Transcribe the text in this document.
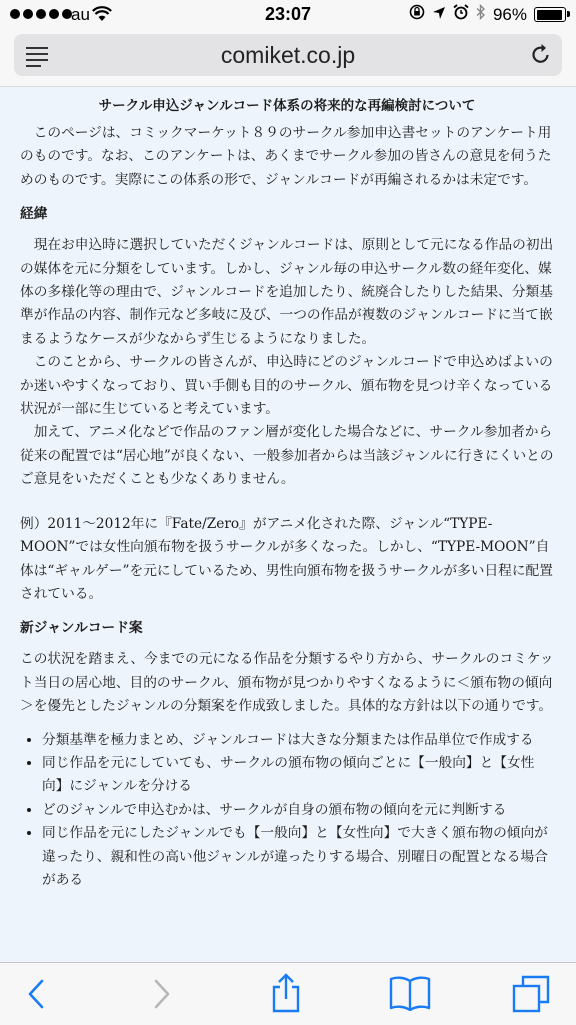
au	23:07	96%
comiket.co.jp
サークル申込ジャンルコード体系の将来的な再編検討について

このページは、コミックマーケット８９のサークル参加申込書セットのアンケート用のものです。なお、このアンケートは、あくまでサークル参加の皆さんの意見を伺うためのものです。実際にこの体系の形で、ジャンルコードが再編されるかは未定です。

経緯

現在お申込時に選択していただくジャンルコードは、原則として元になる作品の初出の媒体を元に分類をしています。しかし、ジャンル毎の申込サークル数の経年変化、媒体の多様化等の理由で、ジャンルコードを追加したり、統廃合したりした結果、分類基準が作品の内容、制作元など多岐に及び、一つの作品が複数のジャンルコードに当て嵌まるようなケースが少なからず生じるようになりました。

このことから、サークルの皆さんが、申込時にどのジャンルコードで申込めばよいのか迷いやすくなっており、買い手側も目的のサークル、頒布物を見つけ辛くなっている状況が一部に生じていると考えています。

加えて、アニメ化などで作品のファン層が変化した場合などに、サークル参加者から従来の配置では“居心地”が良くない、一般参加者からは当該ジャンルに行きにくいとのご意見をいただくことも少なくありません。

例）2011〜2012年に『Fate/Zero』がアニメ化された際、ジャンル“TYPE-MOON”では女性向頒布物を扱うサークルが多くなった。しかし、“TYPE-MOON”自体は“ギャルゲー”を元にしているため、男性向頒布物を扱うサークルが多い日程に配置されている。

新ジャンルコード案

この状況を踏まえ、今までの元になる作品を分類するやり方から、サークルのコミケット当日の居心地、目的のサークル、頒布物が見つかりやすくなるように＜頒布物の傾向＞を優先としたジャンルの分類案を作成致しました。具体的な方針は以下の通りです。

• 分類基準を極力まとめ、ジャンルコードは大きな分類または作品単位で作成する
• 同じ作品を元にしていても、サークルの頒布物の傾向ごとに【一般向】と【女性向】にジャンルを分ける
• どのジャンルで申込むかは、サークルが自身の頒布物の傾向を元に判断する
• 同じ作品を元にしたジャンルでも【一般向】と【女性向】で大きく頒布物の傾向が違ったり、親和性の高い他ジャンルが違ったりする場合、別曜日の配置となる場合がある
